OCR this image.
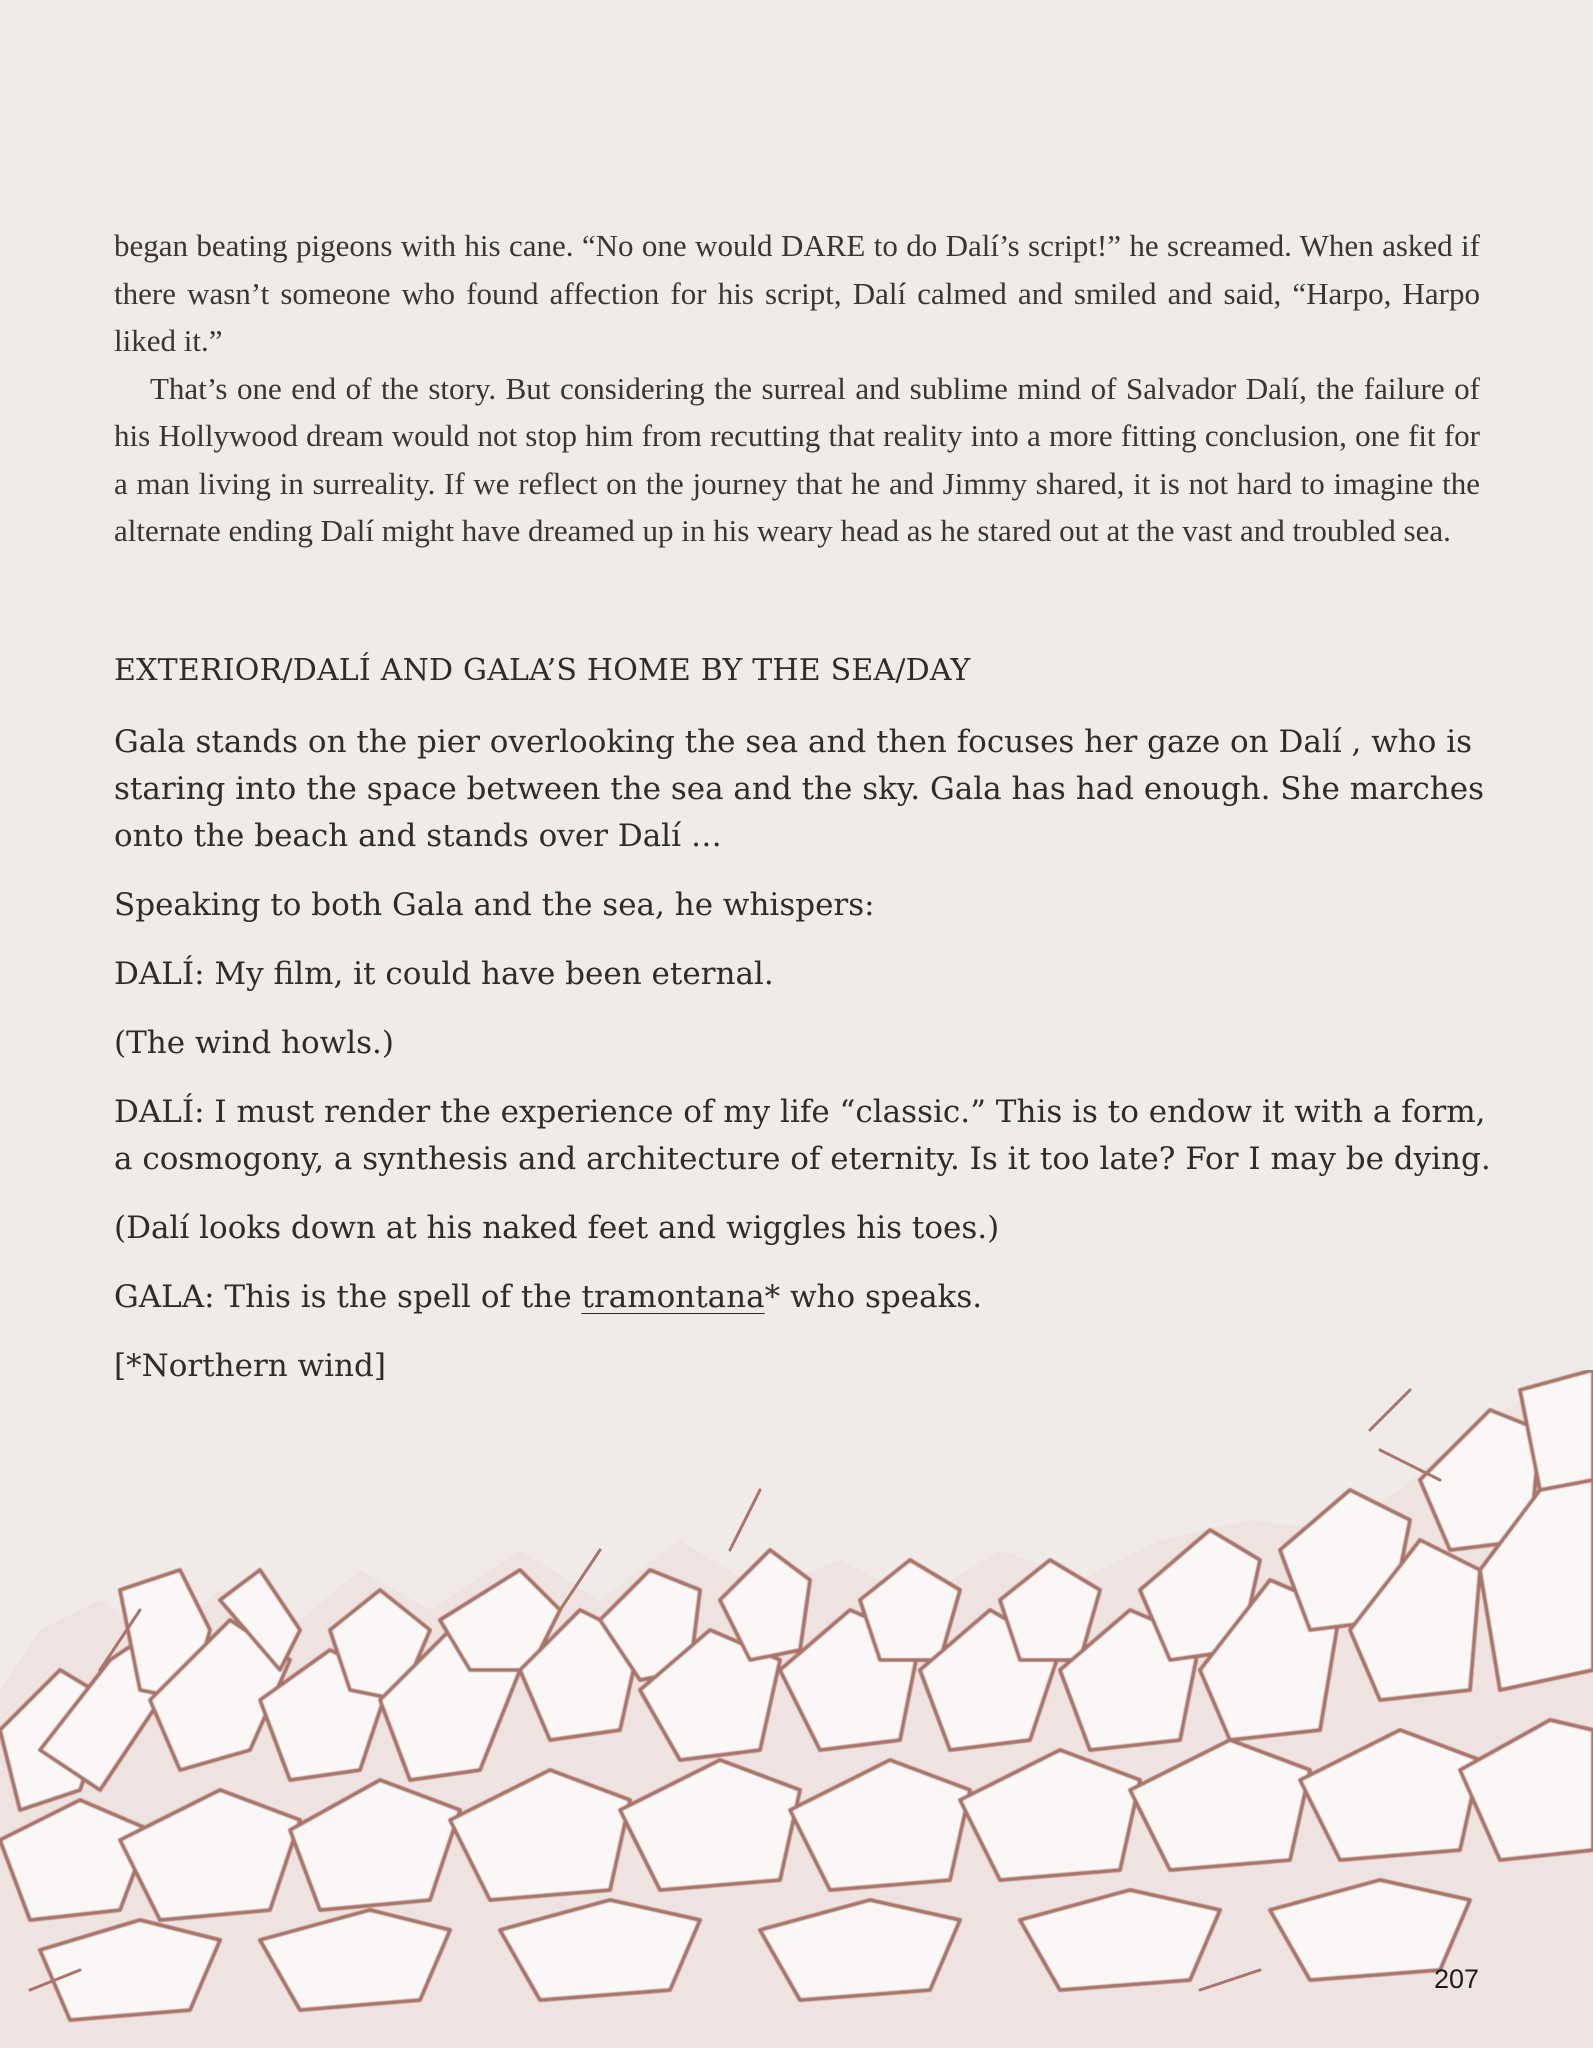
began beating pigeons with his cane. “No one would DARE to do Dalí’s script!” he screamed. When asked if there wasn’t someone who found affection for his script, Dalí calmed and smiled and said, “Harpo, Harpo liked it.”

That’s one end of the story. But considering the surreal and sublime mind of Salvador Dalí, the failure of his Hollywood dream would not stop him from recutting that reality into a more fitting conclusion, one fit for a man living in surreality. If we reflect on the journey that he and Jimmy shared, it is not hard to imagine the alternate ending Dalí might have dreamed up in his weary head as he stared out at the vast and troubled sea.

EXTERIOR/DALÍ AND GALA’S HOME BY THE SEA/DAY
Gala stands on the pier overlooking the sea and then focuses her gaze on Dalí , who is staring into the space between the sea and the sky. Gala has had enough. She marches onto the beach and stands over Dalí …
Speaking to both Gala and the sea, he whispers:
DALÍ: My film, it could have been eternal.
(The wind howls.)
DALÍ: I must render the experience of my life “classic.” This is to endow it with a form, a cosmogony, a synthesis and architecture of eternity. Is it too late? For I may be dying.
(Dalí looks down at his naked feet and wiggles his toes.)
GALA: This is the spell of the tramontana* who speaks.
[*Northern wind]
207
